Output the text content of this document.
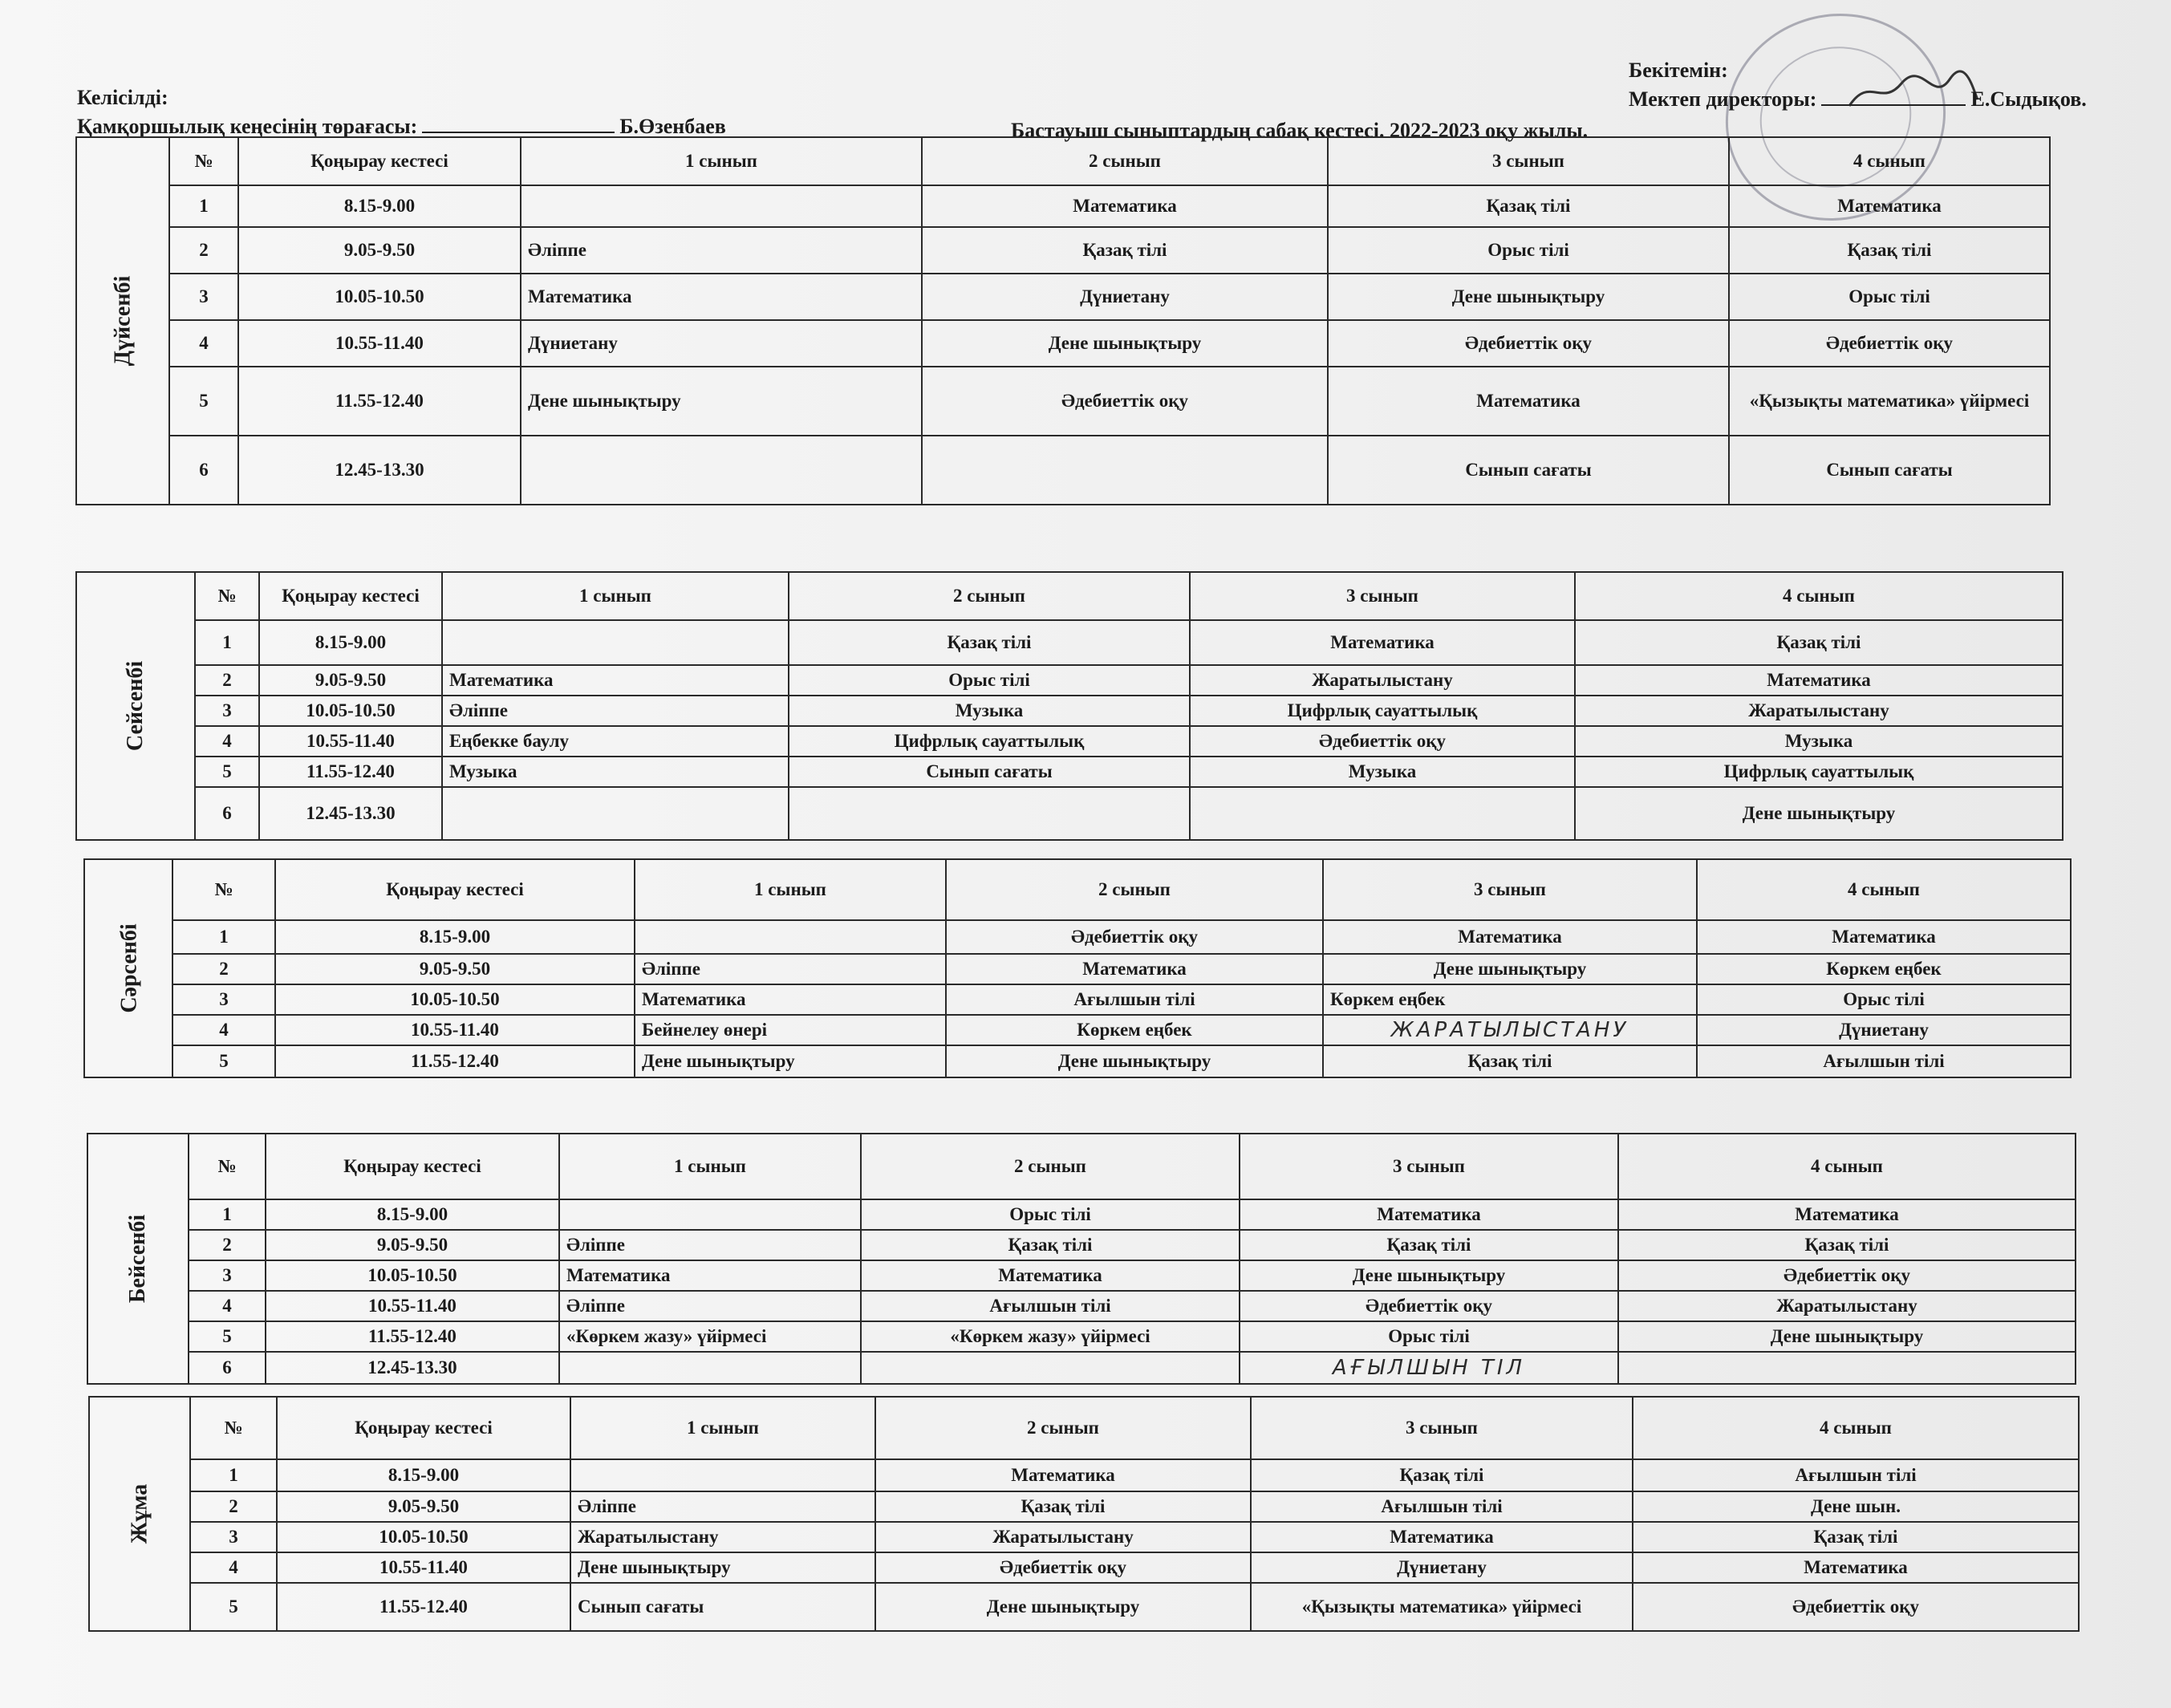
Келісілді:
Қамқоршылық кеңесінің төрағасы:	Б.Өзенбаев
Бекітемін:
Мектеп директоры:	Е.Сыдықов.
Бастауыш сыныптардың сабақ кестесі. 2022-2023 оқу жылы.
Дүйсенбі	№	Қоңырау кестесі	1 сынып	2 сынып	3 сынып	4 сынып
	1	8.15-9.00		Математика	Қазақ тілі	Математика
	2	9.05-9.50	Әліппе	Қазақ тілі	Орыс тілі	Қазақ тілі
	3	10.05-10.50	Математика	Дүниетану	Дене шынықтыру	Орыс тілі
	4	10.55-11.40	Дүниетану	Дене шынықтыру	Әдебиеттік оқу	Әдебиеттік оқу
	5	11.55-12.40	Дене шынықтыру	Әдебиеттік оқу	Математика	«Қызықты математика» үйірмесі
	6	12.45-13.30			Сынып сағаты	Сынып сағаты
Сейсенбі	№	Қоңырау кестесі	1 сынып	2 сынып	3 сынып	4 сынып
	1	8.15-9.00		Қазақ тілі	Математика	Қазақ тілі
	2	9.05-9.50	Математика	Орыс тілі	Жаратылыстану	Математика
	3	10.05-10.50	Әліппе	Музыка	Цифрлық сауаттылық	Жаратылыстану
	4	10.55-11.40	Еңбекке баулу	Цифрлық сауаттылық	Әдебиеттік оқу	Музыка
	5	11.55-12.40	Музыка	Сынып сағаты	Музыка	Цифрлық сауаттылық
	6	12.45-13.30				Дене шынықтыру
Сәрсенбі	№	Қоңырау кестесі	1 сынып	2 сынып	3 сынып	4 сынып
	1	8.15-9.00		Әдебиеттік оқу	Математика	Математика
	2	9.05-9.50	Әліппе	Математика	Дене шынықтыру	Көркем еңбек
	3	10.05-10.50	Математика	Ағылшын тілі	Көркем еңбек	Орыс тілі
	4	10.55-11.40	Бейнелеу өнері	Көркем еңбек	ЖАРАТЫЛЫСТАНУ	Дүниетану
	5	11.55-12.40	Дене шынықтыру	Дене шынықтыру	Қазақ тілі	Ағылшын тілі
Бейсенбі	№	Қоңырау кестесі	1 сынып	2 сынып	3 сынып	4 сынып
	1	8.15-9.00		Орыс тілі	Математика	Математика
	2	9.05-9.50	Әліппе	Қазақ тілі	Қазақ тілі	Қазақ тілі
	3	10.05-10.50	Математика	Математика	Дене шынықтыру	Әдебиеттік оқу
	4	10.55-11.40	Әліппе	Ағылшын тілі	Әдебиеттік оқу	Жаратылыстану
	5	11.55-12.40	«Көркем жазу» үйірмесі	«Көркем жазу» үйірмесі	Орыс тілі	Дене шынықтыру
	6	12.45-13.30			АҒЫЛШЫН ТІЛ	
Жұма	№	Қоңырау кестесі	1 сынып	2 сынып	3 сынып	4 сынып
	1	8.15-9.00		Математика	Қазақ тілі	Ағылшын тілі
	2	9.05-9.50	Әліппе	Қазақ тілі	Ағылшын тілі	Дене шын.
	3	10.05-10.50	Жаратылыстану	Жаратылыстану	Математика	Қазақ тілі
	4	10.55-11.40	Дене шынықтыру	Әдебиеттік оқу	Дүниетану	Математика
	5	11.55-12.40	Сынып сағаты	Дене шынықтыру	«Қызықты математика» үйірмесі	Әдебиеттік оқу
